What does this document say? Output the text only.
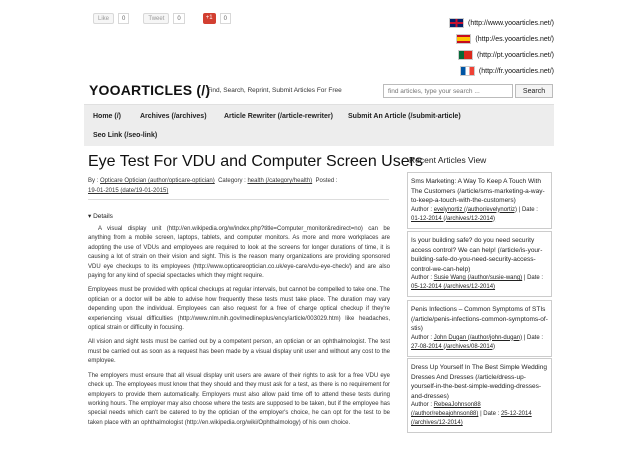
Like	0	Tweet	0	+1	0
(http://www.yooarticles.net/)
(http://es.yooarticles.net/)
(http://pt.yooarticles.net/)
(http://fr.yooarticles.net/)
YOOARTICLES (/)
Find, Search, Reprint, Submit Articles For Free
find articles, type your search ...	Search
Home (/)	Archives (/archives) Article Rewriter (/article-rewriter) Submit An Article (/submit-article)
Seo Link (/seo-link)
Eye Test For VDU and Computer Screen Users
By : Opticare Optician (author/opticare-optician) Category : health (/category/health) Posted :
19-01-2015 (date/19-01-2015)
▾ Details

A visual display unit (http://en.wikipedia.org/w/index.php?title=Computer_monitor&redirect=no) can be anything from a mobile screen, laptops, tablets, and computer monitors. As more and more workplaces are adopting the use of VDUs and employees are required to look at the screens for longer durations of time, it is causing a lot of strain on their vision and sight. This is the reason many organizations are providing sponsored VDU eye checkups to its employees (http://www.opticareoptician.co.uk/eye-care/vdu-eye-check/) and are also paying for any kind of special spectacles which they might require.

Employees must be provided with optical checkups at regular intervals, but cannot be compelled to take one. The optician or a doctor will be able to advise how frequently these tests must take place. The duration may vary depending upon the individual. Employees can also request for a free of charge optical checkup if they're experiencing visual difficulties (http://www.nlm.nih.gov/medlineplus/ency/article/003029.htm) like headaches, optical strain or difficulty in focusing.

All vision and sight tests must be carried out by a competent person, an optician or an ophthalmologist. The test must be carried out as soon as a request has been made by a visual display unit user and without any cost to the employee.

The employers must ensure that all visual display unit users are aware of their rights to ask for a free VDU eye check up. The employees must know that they should and they must ask for a test, as there is no requirement for employers to provide them automatically. Employers must also allow paid time off to attend these tests during working hours. The employer may also choose where the tests are supposed to be taken, but if the employee has special needs which can't be catered to by the optician of the employer's choice, he can opt for the test to be taken place with an ophthalmologist (http://en.wikipedia.org/wiki/Ophthalmology) of his own choice.

Recent Articles View
Sms Marketing: A Way To Keep A Touch With The Customers (/article/sms-marketing-a-way-to-keep-a-touch-with-the-customers)
Author : evelynortiz (/author/evelynortiz) | Date : 01-12-2014 (/archives/12-2014)
Is your building safe? do you need security access control? We can help! (/article/is-your-building-safe-do-you-need-security-access-control-we-can-help)
Author : Susie Wang (/author/susie-wang) | Date : 05-12-2014 (/archives/12-2014)
Penis Infections – Common Symptoms of STIs (/article/penis-infections-common-symptoms-of-stis)
Author : John Dugan (/author/john-dugan) | Date : 27-08-2014 (/archives/08-2014)
Dress Up Yourself In The Best Simple Wedding Dresses And Dresses (/article/dress-up-yourself-in-the-best-simple-wedding-dresses-and-dresses)
Author : RebeaJohnson88 (/author/rebeajohnson88) | Date : 25-12-2014 (/archives/12-2014)
